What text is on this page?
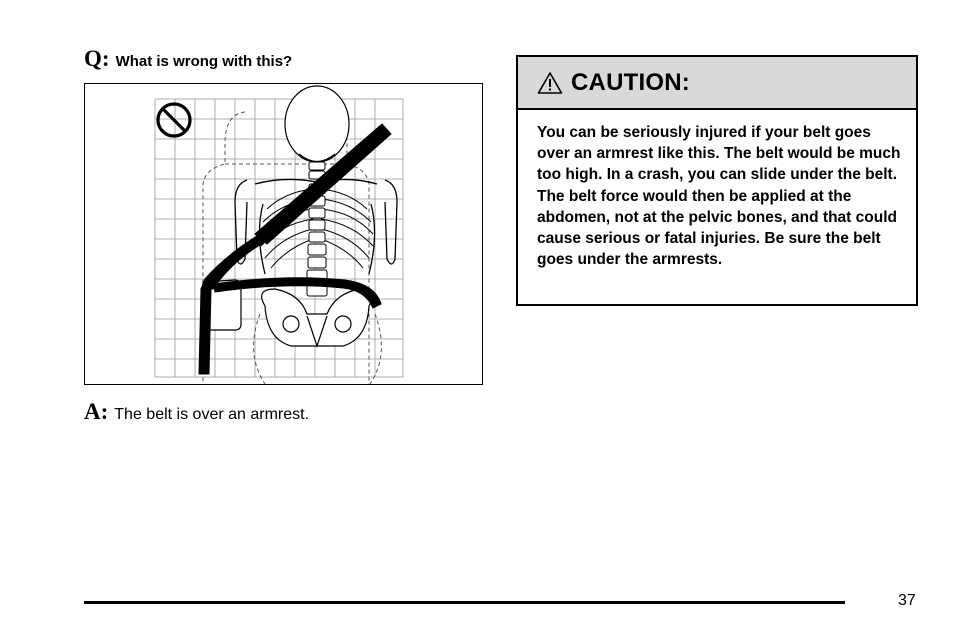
Q: What is wrong with this?
A: The belt is over an armrest.
CAUTION:
You can be seriously injured if your belt goes over an armrest like this. The belt would be much too high. In a crash, you can slide under the belt. The belt force would then be applied at the abdomen, not at the pelvic bones, and that could cause serious or fatal injuries. Be sure the belt goes under the armrests.
37
